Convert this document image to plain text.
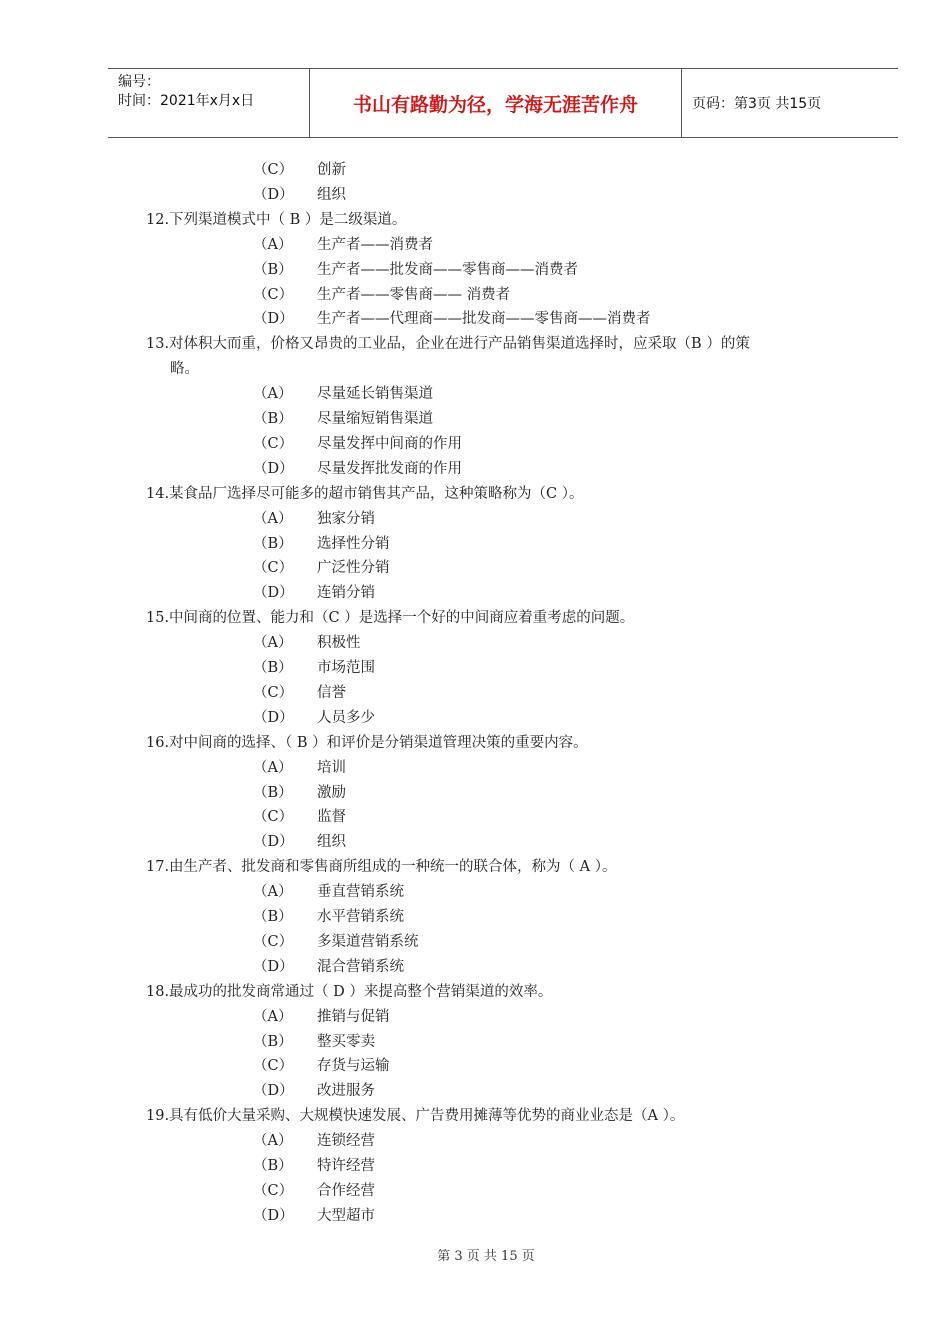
编号：
时间：2021年x月x日	书山有路勤为径，学海无涯苦作舟	页码：第3页 共15页
（C） 创新
（D） 组织
12.下列渠道模式中（ B ）是二级渠道。
（A） 生产者——消费者
（B） 生产者——批发商——零售商——消费者
（C） 生产者——零售商—— 消费者
（D） 生产者——代理商——批发商——零售商——消费者
13.对体积大而重，价格又昂贵的工业品，企业在进行产品销售渠道选择时，应采取（B ）的策
略。
（A） 尽量延长销售渠道
（B） 尽量缩短销售渠道
（C） 尽量发挥中间商的作用
（D） 尽量发挥批发商的作用
14.某食品厂选择尽可能多的超市销售其产品，这种策略称为（C ）。
（A） 独家分销
（B） 选择性分销
（C） 广泛性分销
（D） 连销分销
15.中间商的位置、能力和（C ）是选择一个好的中间商应着重考虑的问题。
（A） 积极性
（B） 市场范围
（C） 信誉
（D） 人员多少
16.对中间商的选择、（ B ）和评价是分销渠道管理决策的重要内容。
（A） 培训
（B） 激励
（C） 监督
（D） 组织
17.由生产者、批发商和零售商所组成的一种统一的联合体，称为（ A ）。
（A） 垂直营销系统
（B） 水平营销系统
（C） 多渠道营销系统
（D） 混合营销系统
18.最成功的批发商常通过（ D ）来提高整个营销渠道的效率。
（A） 推销与促销
（B） 整买零卖
（C） 存货与运输
（D） 改进服务
19.具有低价大量采购、大规模快速发展、广告费用摊薄等优势的商业业态是（A ）。
（A） 连锁经营
（B） 特许经营
（C） 合作经营
（D） 大型超市
第 3 页 共 15 页
